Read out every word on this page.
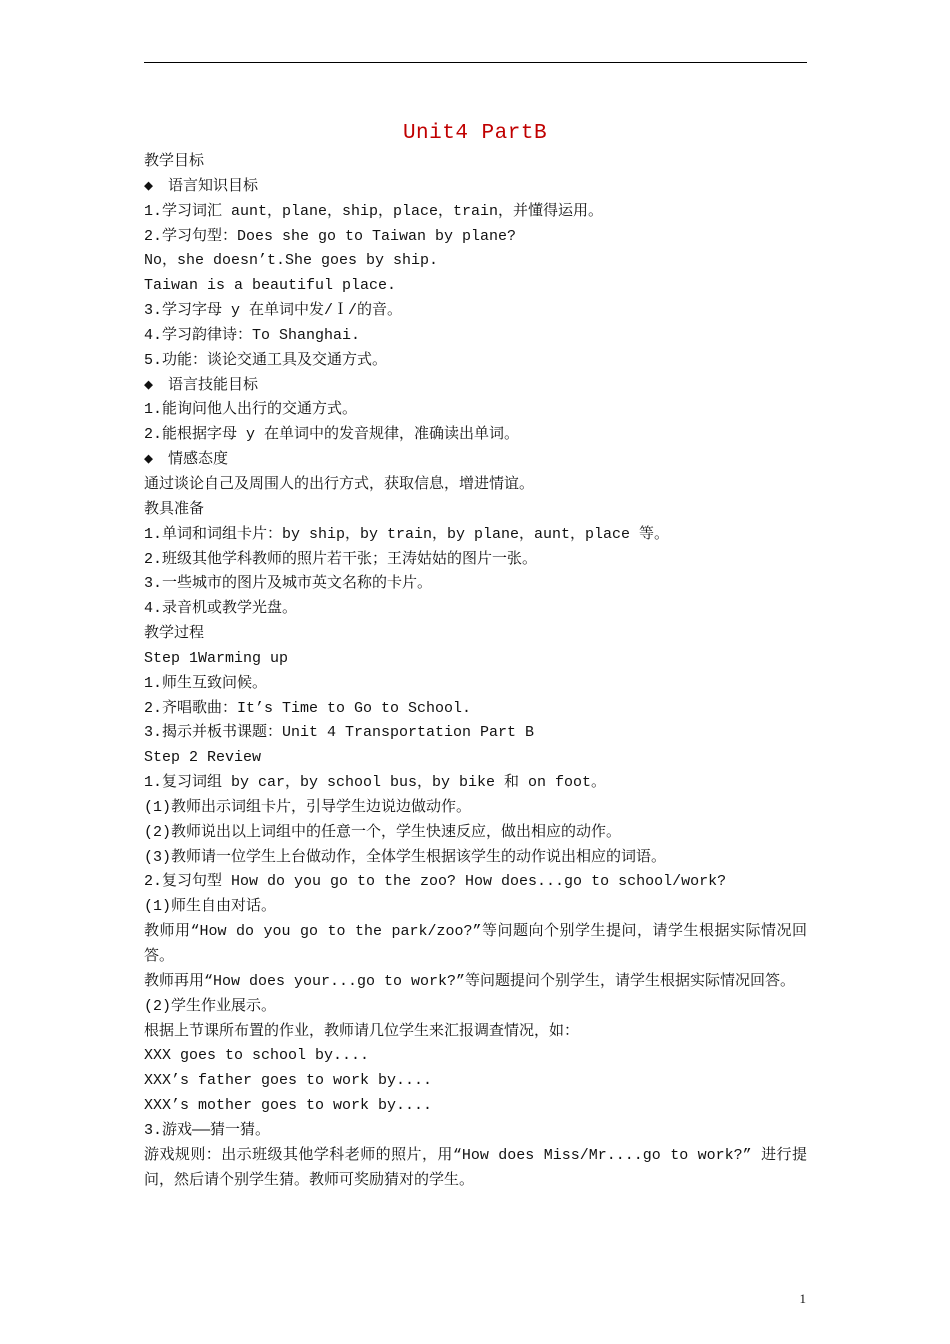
Unit4 PartB
教学目标
◆ 语言知识目标
1.学习词汇 aunt，plane，ship，place，train，并懂得运用。
2.学习句型：Does she go to Taiwan by plane?
No，she doesn’t.She goes by ship.
Taiwan is a beautiful place.
3.学习字母 y 在单词中发/Ｉ/的音。
4.学习韵律诗：To Shanghai.
5.功能：谈论交通工具及交通方式。
◆ 语言技能目标
1.能询问他人出行的交通方式。
2.能根据字母 y 在单词中的发音规律，准确读出单词。
◆ 情感态度
通过谈论自己及周围人的出行方式，获取信息，增进情谊。
教具准备
1.单词和词组卡片：by ship，by train，by plane，aunt，place 等。
2.班级其他学科教师的照片若干张；王涛姑姑的图片一张。
3.一些城市的图片及城市英文名称的卡片。
4.录音机或教学光盘。
教学过程
Step 1Warming up
1.师生互致问候。
2.齐唱歌曲：It’s Time to Go to School.
3.揭示并板书课题：Unit 4 Transportation Part B
Step 2 Review
1.复习词组 by car，by school bus，by bike 和 on foot。
(1)教师出示词组卡片，引导学生边说边做动作。
(2)教师说出以上词组中的任意一个，学生快速反应，做出相应的动作。
(3)教师请一位学生上台做动作，全体学生根据该学生的动作说出相应的词语。
2.复习句型 How do you go to the zoo? How does...go to school/work?
(1)师生自由对话。
教师用“How do you go to the park/zoo?”等问题向个别学生提问，请学生根据实际情况回答。
教师再用“How does your...go to work?”等问题提问个别学生，请学生根据实际情况回答。
(2)学生作业展示。
根据上节课所布置的作业，教师请几位学生来汇报调查情况，如：
XXX goes to school by....
XXX’s father goes to work by....
XXX’s mother goes to work by....
3.游戏——猜一猜。
游戏规则：出示班级其他学科老师的照片，用“How does Miss/Mr....go to work?” 进行提问，然后请个别学生猜。教师可奖励猜对的学生。
1
